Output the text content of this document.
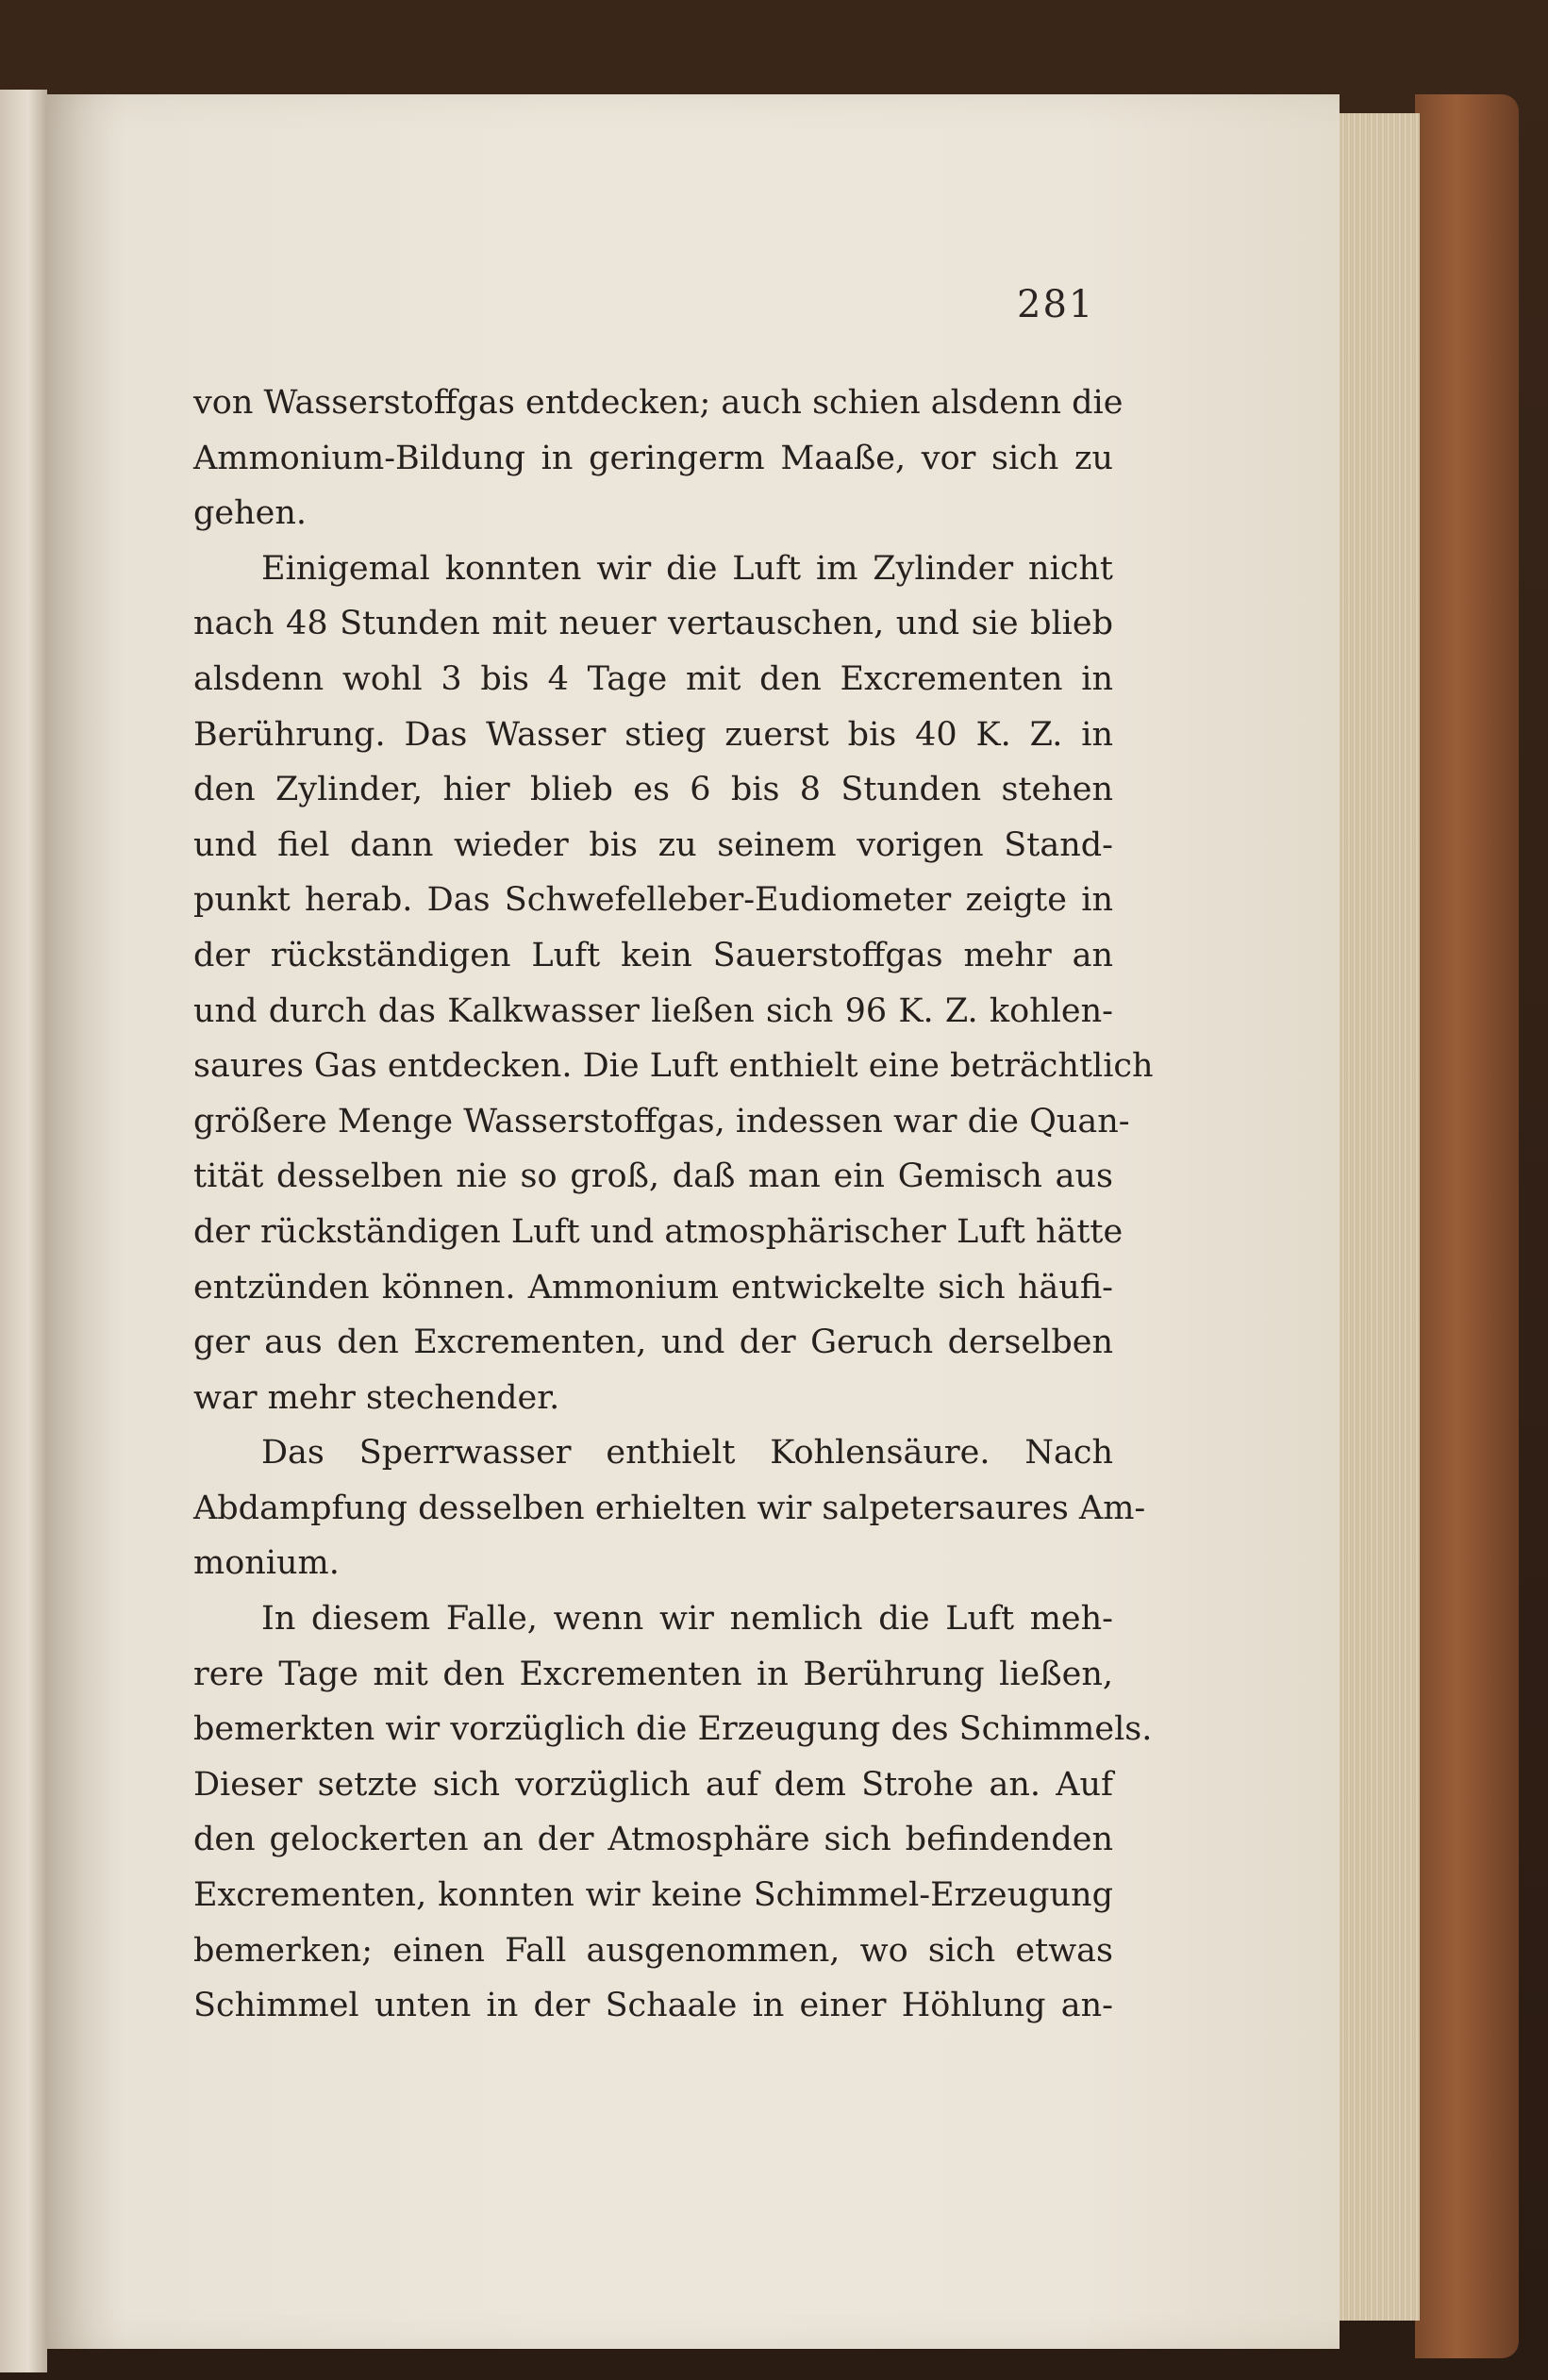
281
von Wasserstoffgas entdecken; auch schien alsdenn die
Ammonium-Bildung in geringerm Maaße, vor sich zu
gehen.
Einigemal konnten wir die Luft im Zylinder nicht
nach 48 Stunden mit neuer vertauschen, und sie blieb
alsdenn wohl 3 bis 4 Tage mit den Excrementen in
Berührung. Das Wasser stieg zuerst bis 40 K. Z. in
den Zylinder, hier blieb es 6 bis 8 Stunden stehen
und fiel dann wieder bis zu seinem vorigen Stand-
punkt herab. Das Schwefelleber-Eudiometer zeigte in
der rückständigen Luft kein Sauerstoffgas mehr an
und durch das Kalkwasser ließen sich 96 K. Z. kohlen-
saures Gas entdecken. Die Luft enthielt eine beträchtlich
größere Menge Wasserstoffgas, indessen war die Quan-
tität desselben nie so groß, daß man ein Gemisch aus
der rückständigen Luft und atmosphärischer Luft hätte
entzünden können. Ammonium entwickelte sich häufi-
ger aus den Excrementen, und der Geruch derselben
war mehr stechender.
Das Sperrwasser enthielt Kohlensäure. Nach
Abdampfung desselben erhielten wir salpetersaures Am-
monium.
In diesem Falle, wenn wir nemlich die Luft meh-
rere Tage mit den Excrementen in Berührung ließen,
bemerkten wir vorzüglich die Erzeugung des Schimmels.
Dieser setzte sich vorzüglich auf dem Strohe an. Auf
den gelockerten an der Atmosphäre sich befindenden
Excrementen, konnten wir keine Schimmel-Erzeugung
bemerken; einen Fall ausgenommen, wo sich etwas
Schimmel unten in der Schaale in einer Höhlung an-
